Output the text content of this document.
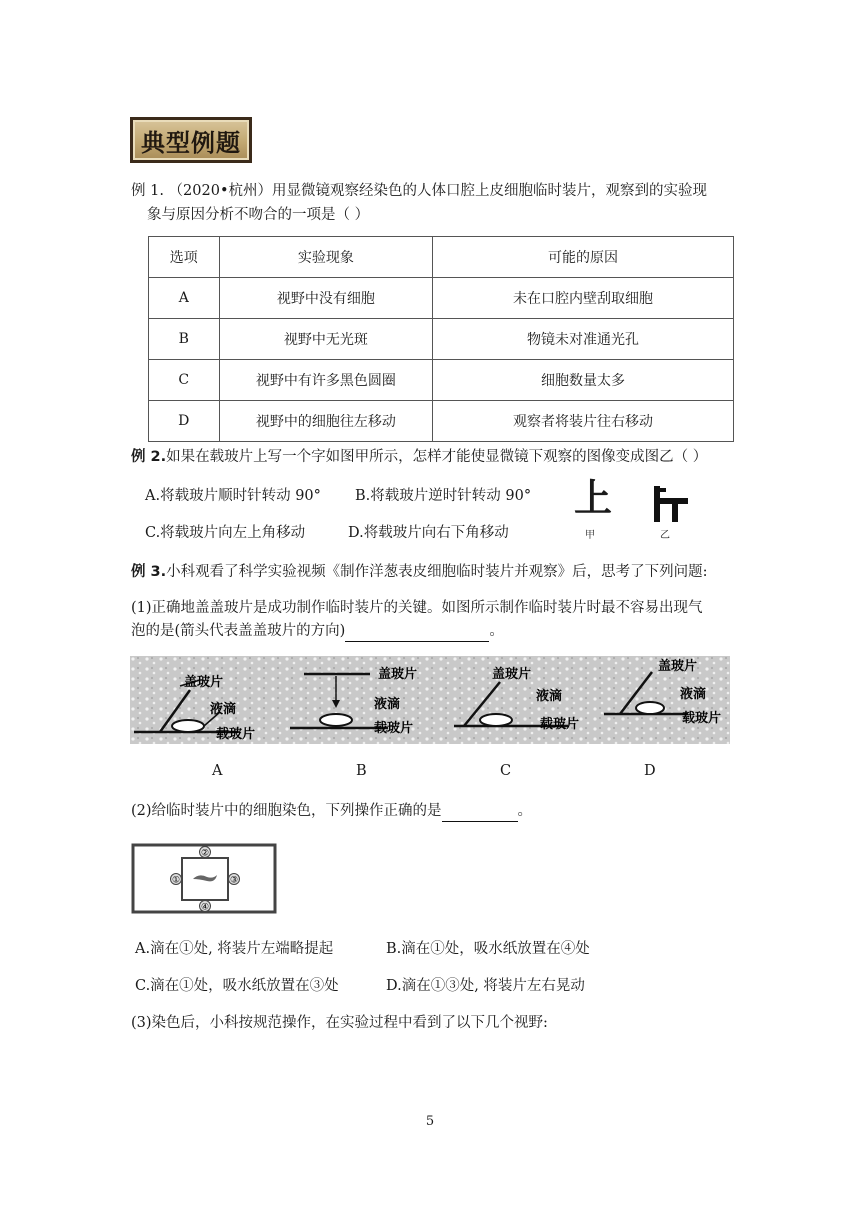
典型例题
例 1. （2020•杭州）用显微镜观察经染色的人体口腔上皮细胞临时装片，观察到的实验现
象与原因分析不吻合的一项是（ ）
选项	实验现象	可能的原因
A	视野中没有细胞	未在口腔内壁刮取细胞
B	视野中无光斑	物镜未对准通光孔
C	视野中有许多黑色圆圈	细胞数量太多
D	视野中的细胞往左移动	观察者将装片往右移动
例 2.如果在载玻片上写一个字如图甲所示，怎样才能使显微镜下观察的图像变成图乙（ ）
A.将载玻片顺时针转动 90° B.将载玻片逆时针转动 90°
C.将载玻片向左上角移动	D.将载玻片向右下角移动
上
甲	乙
例 3.小科观看了科学实验视频《制作洋葱表皮细胞临时装片并观察》后，思考了下列问题:
(1)正确地盖盖玻片是成功制作临时装片的关键。如图所示制作临时装片时最不容易出现气
泡的是(箭头代表盖盖玻片的方向)	。
盖玻片
液滴
载玻片
盖玻片
液滴
载玻片
盖玻片
液滴
载玻片
盖玻片
液滴
载玻片
A	B	C	D
(2)给临时装片中的细胞染色，下列操作正确的是	。
①
②
③
④
A.滴在①处, 将装片左端略提起	B.滴在①处，吸水纸放置在④处
C.滴在①处，吸水纸放置在③处	D.滴在①③处, 将装片左右晃动
(3)染色后，小科按规范操作，在实验过程中看到了以下几个视野:
5
